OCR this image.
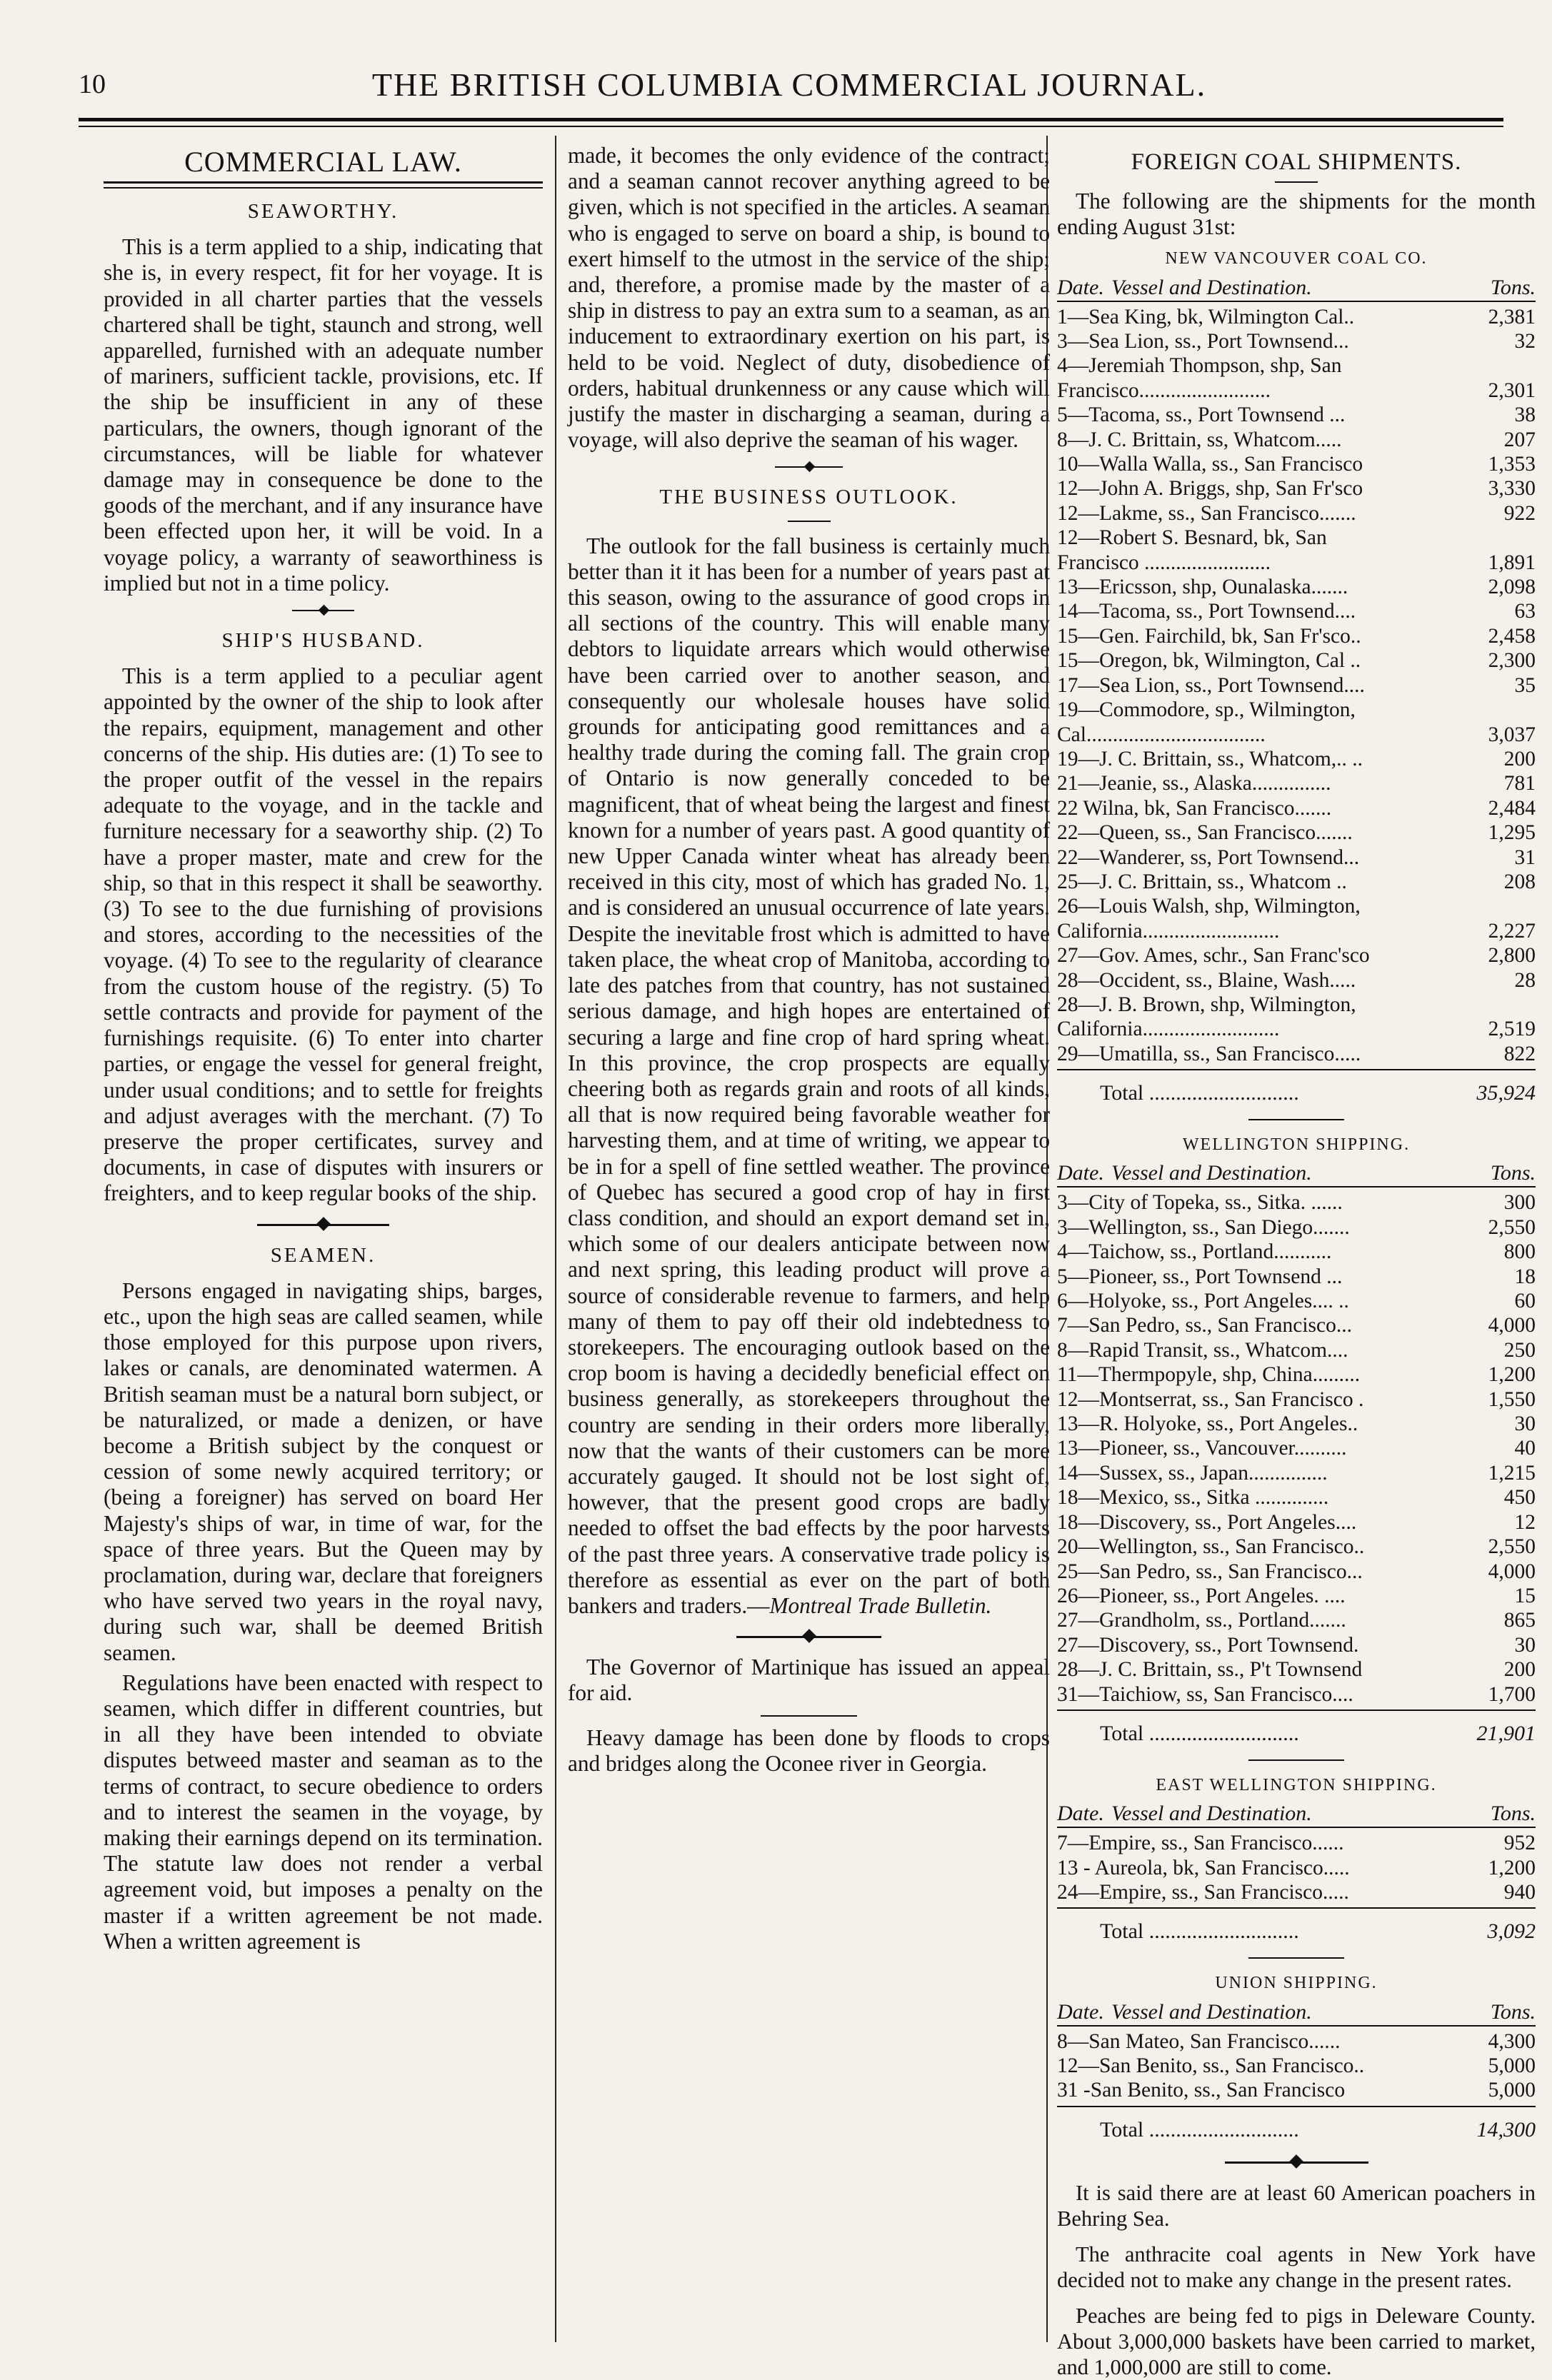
10	THE BRITISH COLUMBIA COMMERCIAL JOURNAL.
COMMERCIAL LAW.
SEAWORTHY.

This is a term applied to a ship, indicating that she is, in every respect, fit for her voyage. It is provided in all charter parties that the vessels chartered shall be tight, staunch and strong, well apparelled, furnished with an adequate number of mariners, sufficient tackle, provisions, etc. If the ship be insufficient in any of these particulars, the owners, though ignorant of the circumstances, will be liable for whatever damage may in consequence be done to the goods of the merchant, and if any insurance have been effected upon her, it will be void. In a voyage policy, a warranty of seaworthiness is implied but not in a time policy.

SHIP'S HUSBAND.

This is a term applied to a peculiar agent appointed by the owner of the ship to look after the repairs, equipment, management and other concerns of the ship. His duties are: (1) To see to the proper outfit of the vessel in the repairs adequate to the voyage, and in the tackle and furniture necessary for a seaworthy ship. (2) To have a proper master, mate and crew for the ship, so that in this respect it shall be seaworthy. (3) To see to the due furnishing of provisions and stores, according to the necessities of the voyage. (4) To see to the regularity of clearance from the custom house of the registry. (5) To settle contracts and provide for payment of the furnishings requisite. (6) To enter into charter parties, or engage the vessel for general freight, under usual conditions; and to settle for freights and adjust averages with the merchant. (7) To preserve the proper certificates, survey and documents, in case of disputes with insurers or freighters, and to keep regular books of the ship.

SEAMEN.

Persons engaged in navigating ships, barges, etc., upon the high seas are called seamen, while those employed for this purpose upon rivers, lakes or canals, are denominated watermen. A British seaman must be a natural born subject, or be naturalized, or made a denizen, or have become a British subject by the conquest or cession of some newly acquired territory; or (being a foreigner) has served on board Her Majesty's ships of war, in time of war, for the space of three years. But the Queen may by proclamation, during war, declare that foreigners who have served two years in the royal navy, during such war, shall be deemed British seamen.

Regulations have been enacted with respect to seamen, which differ in different countries, but in all they have been intended to obviate disputes betweed master and seaman as to the terms of contract, to secure obedience to orders and to interest the seamen in the voyage, by making their earnings depend on its termination. The statute law does not render a verbal agreement void, but imposes a penalty on the master if a written agreement be not made. When a written agreement is

made, it becomes the only evidence of the contract; and a seaman cannot recover anything agreed to be given, which is not specified in the articles. A seaman who is engaged to serve on board a ship, is bound to exert himself to the utmost in the service of the ship; and, therefore, a promise made by the master of a ship in distress to pay an extra sum to a seaman, as an inducement to extraordinary exertion on his part, is held to be void. Neglect of duty, disobedience of orders, habitual drunkenness or any cause which will justify the master in discharging a seaman, during a voyage, will also deprive the seaman of his wager.

THE BUSINESS OUTLOOK.

The outlook for the fall business is certainly much better than it it has been for a number of years past at this season, owing to the assurance of good crops in all sections of the country. This will enable many debtors to liquidate arrears which would otherwise have been carried over to another season, and consequently our wholesale houses have solid grounds for anticipating good remittances and a healthy trade during the coming fall. The grain crop of Ontario is now generally conceded to be magnificent, that of wheat being the largest and finest known for a number of years past. A good quantity of new Upper Canada winter wheat has already been received in this city, most of which has graded No. 1, and is considered an unusual occurrence of late years. Despite the inevitable frost which is admitted to have taken place, the wheat crop of Manitoba, according to late des patches from that country, has not sustained serious damage, and high hopes are entertained of securing a large and fine crop of hard spring wheat. In this province, the crop prospects are equally cheering both as regards grain and roots of all kinds, all that is now required being favorable weather for harvesting them, and at time of writing, we appear to be in for a spell of fine settled weather. The province of Quebec has secured a good crop of hay in first class condition, and should an export demand set in, which some of our dealers anticipate between now and next spring, this leading product will prove a source of considerable revenue to farmers, and help many of them to pay off their old indebtedness to storekeepers. The encouraging outlook based on the crop boom is having a decidedly beneficial effect on business generally, as storekeepers throughout the country are sending in their orders more liberally, now that the wants of their customers can be more accurately gauged. It should not be lost sight of, however, that the present good crops are badly needed to offset the bad effects by the poor harvests of the past three years. A conservative trade policy is therefore as essential as ever on the part of both bankers and traders.—Montreal Trade Bulletin.

The Governor of Martinique has issued an appeal for aid.

Heavy damage has been done by floods to crops and bridges along the Oconee river in Georgia.

FOREIGN COAL SHIPMENTS.

The following are the shipments for the month ending August 31st:

NEW VANCOUVER COAL CO.
Date. Vessel and Destination.	Tons.
1—Sea King, bk, Wilmington Cal..	2,381
3—Sea Lion, ss., Port Townsend...	32
4—Jeremiah Thompson, shp, San
Francisco.........................	2,301
5—Tacoma, ss., Port Townsend ...	38
8—J. C. Brittain, ss, Whatcom.....	207
10—Walla Walla, ss., San Francisco	1,353
12—John A. Briggs, shp, San Fr'sco	3,330
12—Lakme, ss., San Francisco.......	922
12—Robert S. Besnard, bk, San
Francisco ........................	1,891
13—Ericsson, shp, Ounalaska.......	2,098
14—Tacoma, ss., Port Townsend....	63
15—Gen. Fairchild, bk, San Fr'sco..	2,458
15—Oregon, bk, Wilmington, Cal ..	2,300
17—Sea Lion, ss., Port Townsend....	35
19—Commodore, sp., Wilmington,
Cal..................................	3,037
19—J. C. Brittain, ss., Whatcom,.. ..	200
21—Jeanie, ss., Alaska...............	781
22 Wilna, bk, San Francisco.......	2,484
22—Queen, ss., San Francisco.......	1,295
22—Wanderer, ss, Port Townsend...	31
25—J. C. Brittain, ss., Whatcom ..	208
26—Louis Walsh, shp, Wilmington,
California..........................	2,227
27—Gov. Ames, schr., San Franc'sco	2,800
28—Occident, ss., Blaine, Wash.....	28
28—J. B. Brown, shp, Wilmington,
California..........................	2,519
29—Umatilla, ss., San Francisco.....	822
Total ............................	35,924
WELLINGTON SHIPPING.
Date. Vessel and Destination.	Tons.
3—City of Topeka, ss., Sitka. ......	300
3—Wellington, ss., San Diego.......	2,550
4—Taichow, ss., Portland...........	800
5—Pioneer, ss., Port Townsend ...	18
6—Holyoke, ss., Port Angeles.... ..	60
7—San Pedro, ss., San Francisco...	4,000
8—Rapid Transit, ss., Whatcom....	250
11—Thermpopyle, shp, China.........	1,200
12—Montserrat, ss., San Francisco .	1,550
13—R. Holyoke, ss., Port Angeles..	30
13—Pioneer, ss., Vancouver..........	40
14—Sussex, ss., Japan...............	1,215
18—Mexico, ss., Sitka ..............	450
18—Discovery, ss., Port Angeles....	12
20—Wellington, ss., San Francisco..	2,550
25—San Pedro, ss., San Francisco...	4,000
26—Pioneer, ss., Port Angeles. ....	15
27—Grandholm, ss., Portland.......	865
27—Discovery, ss., Port Townsend.	30
28—J. C. Brittain, ss., P't Townsend	200
31—Taichiow, ss, San Francisco....	1,700
Total ............................	21,901
EAST WELLINGTON SHIPPING.
Date. Vessel and Destination.	Tons.
7—Empire, ss., San Francisco......	952
13 - Aureola, bk, San Francisco.....	1,200
24—Empire, ss., San Francisco.....	940
Total ............................	3,092
UNION SHIPPING.
Date. Vessel and Destination.	Tons.
8—San Mateo, San Francisco......	4,300
12—San Benito, ss., San Francisco..	5,000
31 -San Benito, ss., San Francisco	5,000
Total ............................	14,300

It is said there are at least 60 American poachers in Behring Sea.

The anthracite coal agents in New York have decided not to make any change in the present rates.

Peaches are being fed to pigs in Deleware County. About 3,000,000 baskets have been carried to market, and 1,000,000 are still to come.
